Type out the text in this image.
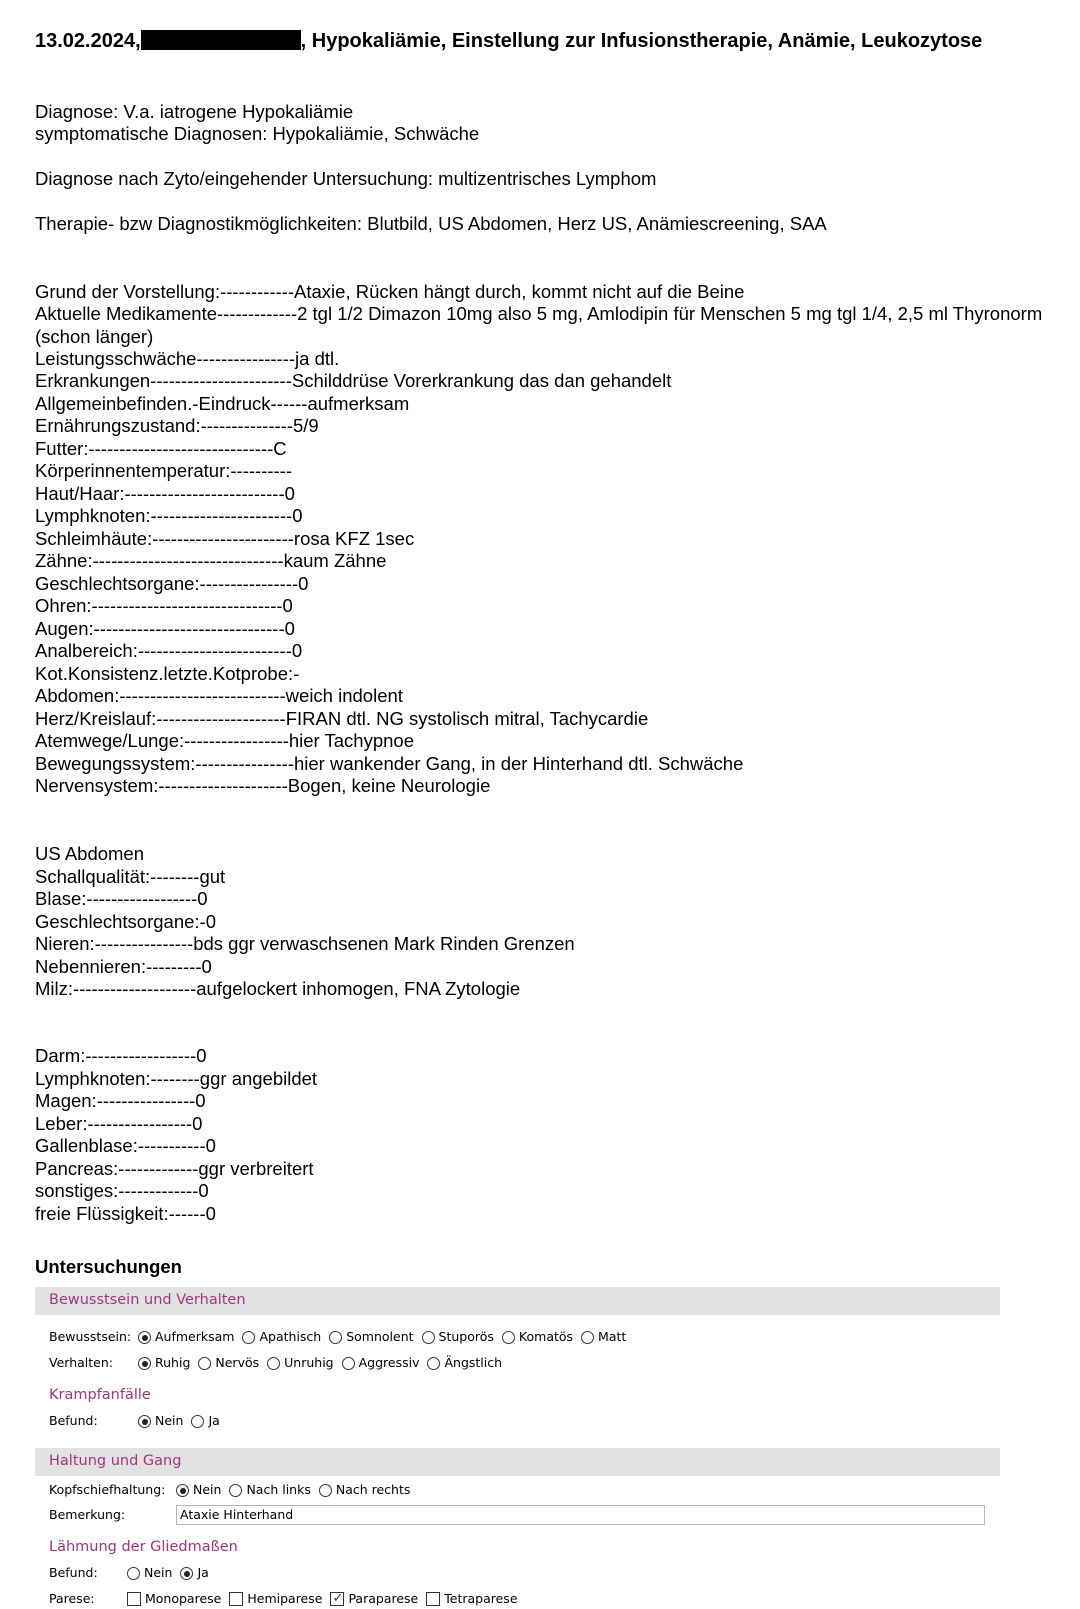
13.02.2024,	, Hypokaliämie, Einstellung zur Infusionstherapie, Anämie, Leukozytose
Diagnose: V.a. iatrogene Hypokaliämie
symptomatische Diagnosen: Hypokaliämie, Schwäche
Diagnose nach Zyto/eingehender Untersuchung: multizentrisches Lymphom
Therapie- bzw Diagnostikmöglichkeiten: Blutbild, US Abdomen, Herz US, Anämiescreening, SAA
Grund der Vorstellung:------------Ataxie, Rücken hängt durch, kommt nicht auf die Beine
Aktuelle Medikamente-------------2 tgl 1/2 Dimazon 10mg also 5 mg, Amlodipin für Menschen 5 mg tgl 1/4, 2,5 ml Thyronorm (schon länger)
Leistungsschwäche----------------ja dtl.
Erkrankungen-----------------------Schilddrüse Vorerkrankung das dan gehandelt
Allgemeinbefinden.-Eindruck------aufmerksam
Ernährungszustand:---------------5/9
Futter:------------------------------C
Körperinnentemperatur:----------
Haut/Haar:--------------------------0
Lymphknoten:-----------------------0
Schleimhäute:-----------------------rosa KFZ 1sec
Zähne:-------------------------------kaum Zähne
Geschlechtsorgane:----------------0
Ohren:-------------------------------0
Augen:-------------------------------0
Analbereich:-------------------------0
Kot.Konsistenz.letzte.Kotprobe:-
Abdomen:---------------------------weich indolent
Herz/Kreislauf:---------------------FIRAN dtl. NG systolisch mitral, Tachycardie
Atemwege/Lunge:-----------------hier Tachypnoe
Bewegungssystem:----------------hier wankender Gang, in der Hinterhand dtl. Schwäche
Nervensystem:---------------------Bogen, keine Neurologie
US Abdomen
Schallqualität:--------gut
Blase:------------------0
Geschlechtsorgane:-0
Nieren:----------------bds ggr verwaschsenen Mark Rinden Grenzen
Nebennieren:---------0
Milz:--------------------aufgelockert inhomogen, FNA Zytologie
Darm:------------------0
Lymphknoten:--------ggr angebildet
Magen:----------------0
Leber:-----------------0
Gallenblase:-----------0
Pancreas:-------------ggr verbreitert
sonstiges:-------------0
freie Flüssigkeit:------0
Untersuchungen
Bewusstsein und Verhalten
Bewusstsein:	Aufmerksam Apathisch Somnolent Stuporös Komatös Matt
Verhalten:	Ruhig Nervös Unruhig Aggressiv Ängstlich
Krampfanfälle
Befund:	Nein Ja
Haltung und Gang
Kopfschiefhaltung:	Nein Nach links Nach rechts
Bemerkung:	Ataxie Hinterhand
Lähmung der Gliedmaßen
Befund:	Nein Ja
Parese:	Monoparese Hemiparese✓ Paraparese Tetraparese
